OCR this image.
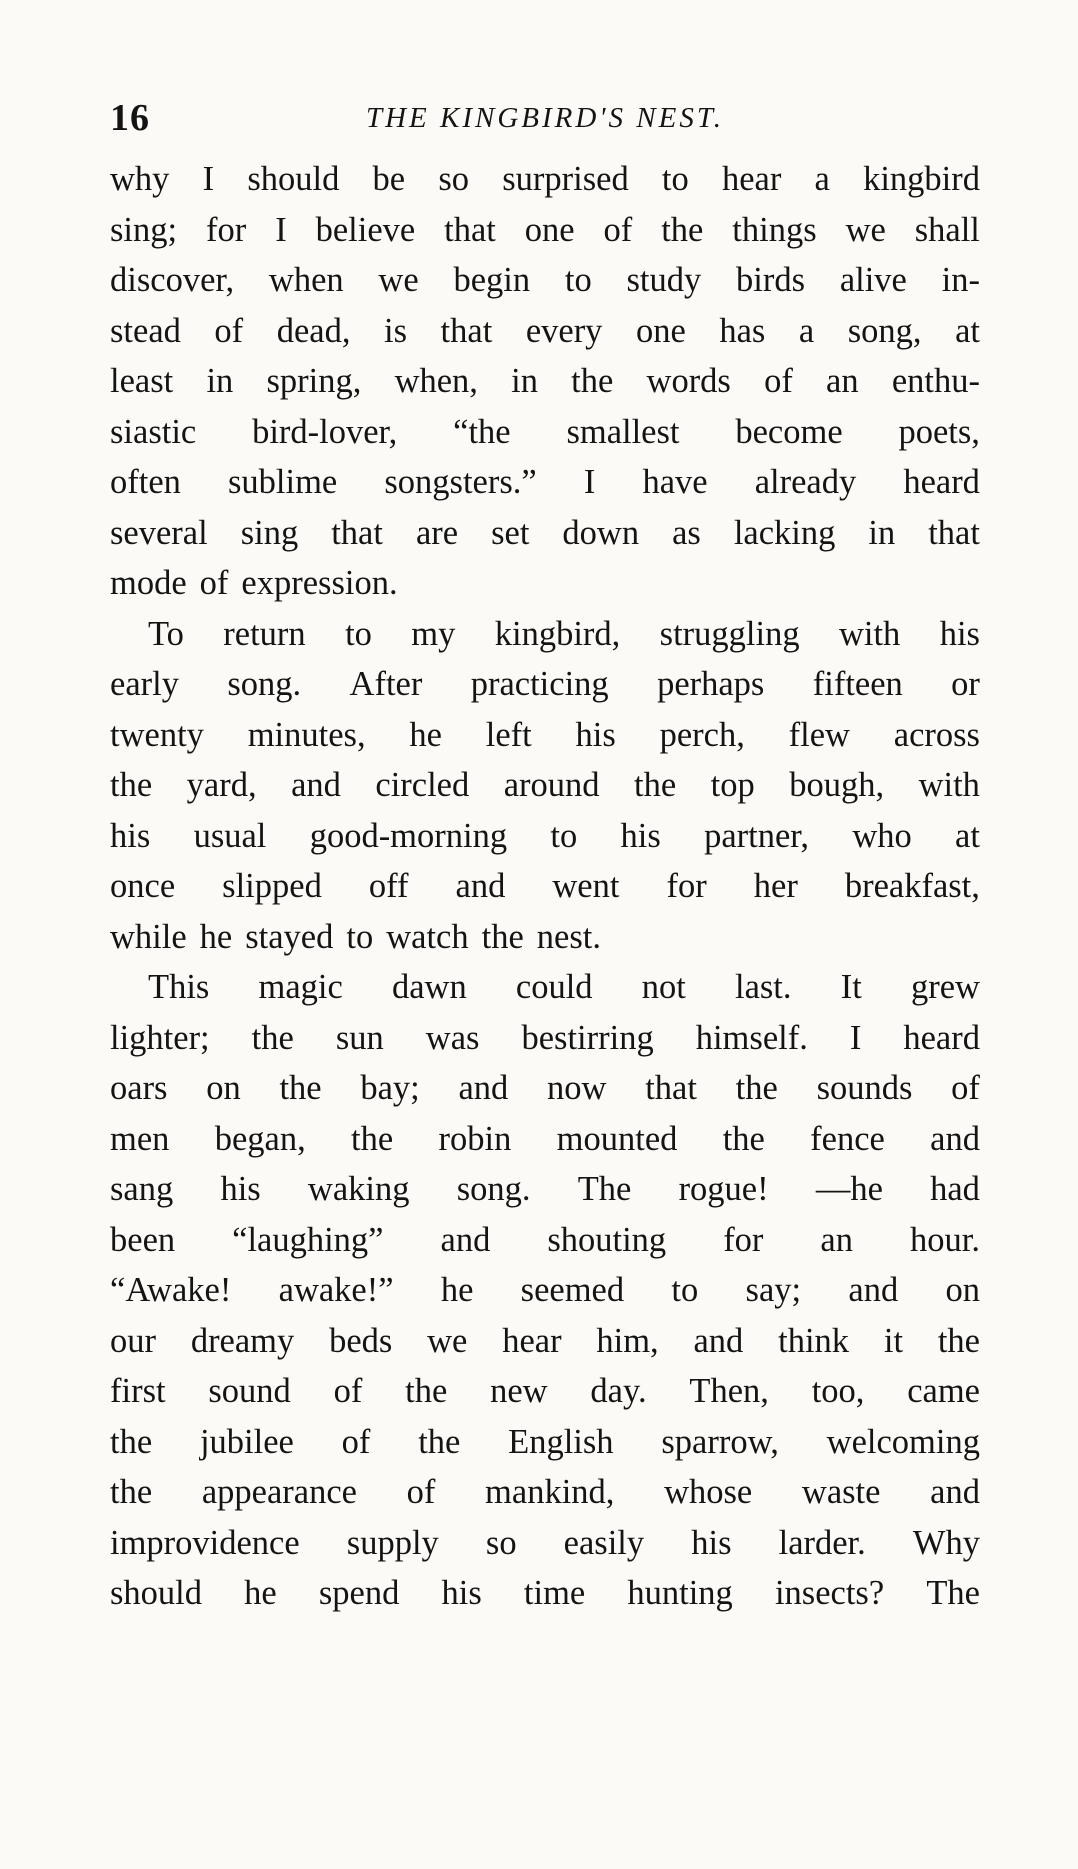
16	THE KINGBIRD'S NEST.
why I should be so surprised to hear a kingbird
sing; for I believe that one of the things we shall
discover, when we begin to study birds alive in-
stead of dead, is that every one has a song, at
least in spring, when, in the words of an enthu-
siastic bird-lover, “the smallest become poets,
often sublime songsters.” I have already heard
several sing that are set down as lacking in that
mode of expression.
To return to my kingbird, struggling with his
early song. After practicing perhaps fifteen or
twenty minutes, he left his perch, flew across
the yard, and circled around the top bough, with
his usual good-morning to his partner, who at
once slipped off and went for her breakfast,
while he stayed to watch the nest.
This magic dawn could not last. It grew
lighter; the sun was bestirring himself. I heard
oars on the bay; and now that the sounds of
men began, the robin mounted the fence and
sang his waking song. The rogue! —he had
been “laughing” and shouting for an hour.
“Awake! awake!” he seemed to say; and on
our dreamy beds we hear him, and think it the
first sound of the new day. Then, too, came
the jubilee of the English sparrow, welcoming
the appearance of mankind, whose waste and
improvidence supply so easily his larder. Why
should he spend his time hunting insects? The
